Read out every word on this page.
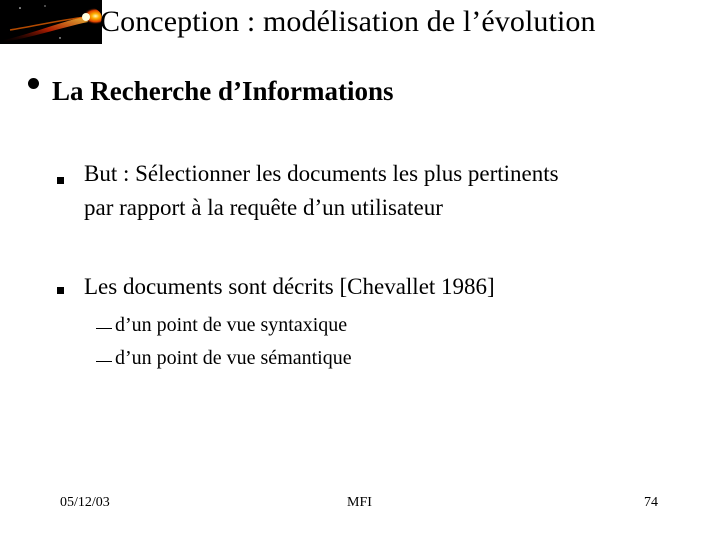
Conception : modélisation de l’évolution
La Recherche d’Informations
But : Sélectionner les documents les plus pertinents
par rapport à la requête d’un utilisateur
Les documents sont décrits [Chevallet 1986]
d’un point de vue syntaxique
d’un point de vue sémantique
05/12/03	MFI	74
